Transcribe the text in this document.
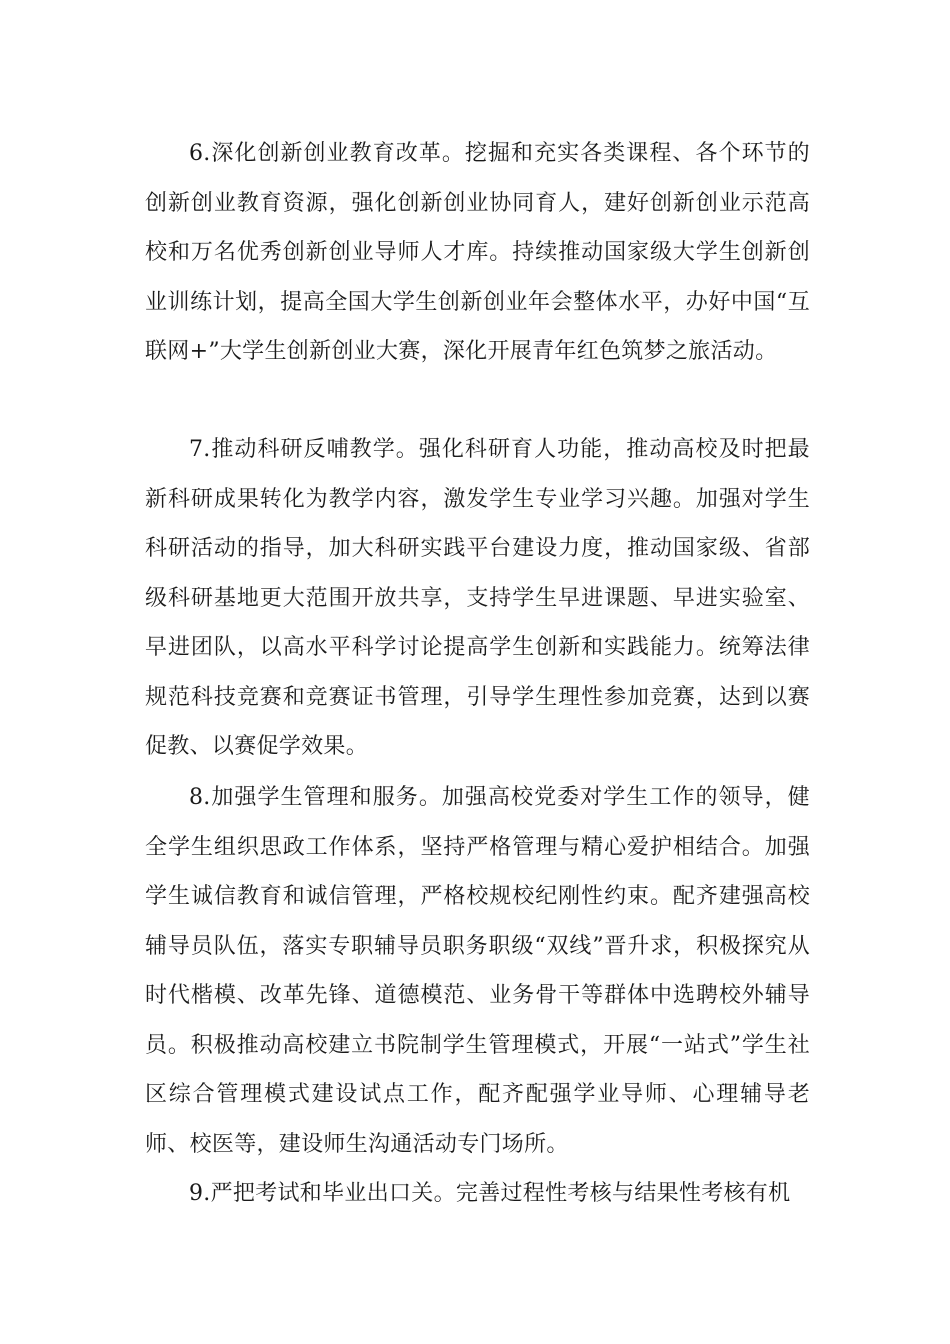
6.深化创新创业教育改革。挖掘和充实各类课程、各个环节的创新创业教育资源，强化创新创业协同育人，建好创新创业示范高校和万名优秀创新创业导师人才库。持续推动国家级大学生创新创业训练计划，提高全国大学生创新创业年会整体水平，办好中国“互联网+”大学生创新创业大赛，深化开展青年红色筑梦之旅活动。

7.推动科研反哺教学。强化科研育人功能，推动高校及时把最新科研成果转化为教学内容，激发学生专业学习兴趣。加强对学生科研活动的指导，加大科研实践平台建设力度，推动国家级、省部级科研基地更大范围开放共享，支持学生早进课题、早进实验室、早进团队，以高水平科学讨论提高学生创新和实践能力。统筹法律规范科技竞赛和竞赛证书管理，引导学生理性参加竞赛，达到以赛促教、以赛促学效果。

8.加强学生管理和服务。加强高校党委对学生工作的领导，健全学生组织思政工作体系，坚持严格管理与精心爱护相结合。加强学生诚信教育和诚信管理，严格校规校纪刚性约束。配齐建强高校辅导员队伍，落实专职辅导员职务职级“双线”晋升求，积极探究从时代楷模、改革先锋、道德模范、业务骨干等群体中选聘校外辅导员。积极推动高校建立书院制学生管理模式，开展“一站式”学生社区综合管理模式建设试点工作，配齐配强学业导师、心理辅导老师、校医等，建设师生沟通活动专门场所。

9.严把考试和毕业出口关。完善过程性考核与结果性考核有机
